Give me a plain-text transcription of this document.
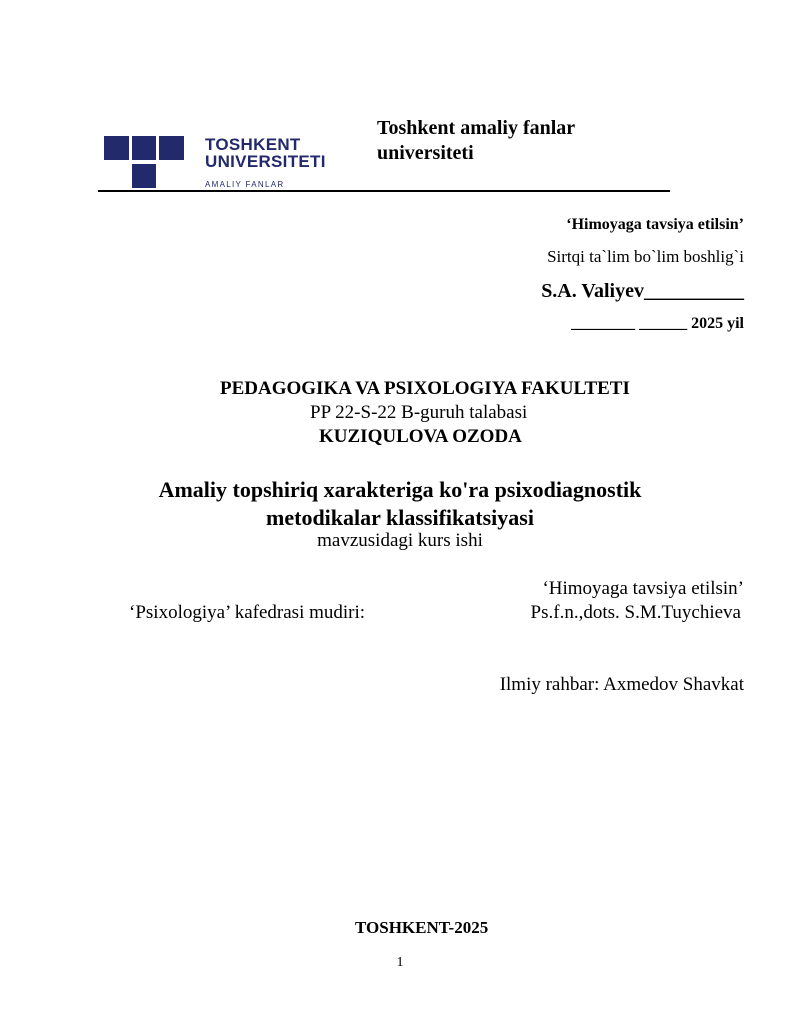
TOSHKENT
UNIVERSITETI
AMALIY FANLAR
Toshkent amaliy fanlar
universiteti
‘Himoyaga tavsiya etilsin’
Sirtqi ta`lim bo`lim boshlig`i
S.A. Valiyev__________
________ ______ 2025 yil
PEDAGOGIKA VA PSIXOLOGIYA FAKULTETI
PP 22-S-22 B-guruh talabasi
KUZIQULOVA OZODA
Amaliy topshiriq xarakteriga ko'ra psixodiagnostik
metodikalar klassifikatsiyasi
mavzusidagi kurs ishi
‘Himoyaga tavsiya etilsin’
‘Psixologiya’ kafedrasi mudiri:	Ps.f.n.,dots. S.M.Tuychieva
Ilmiy rahbar: Axmedov Shavkat
TOSHKENT-2025
1
